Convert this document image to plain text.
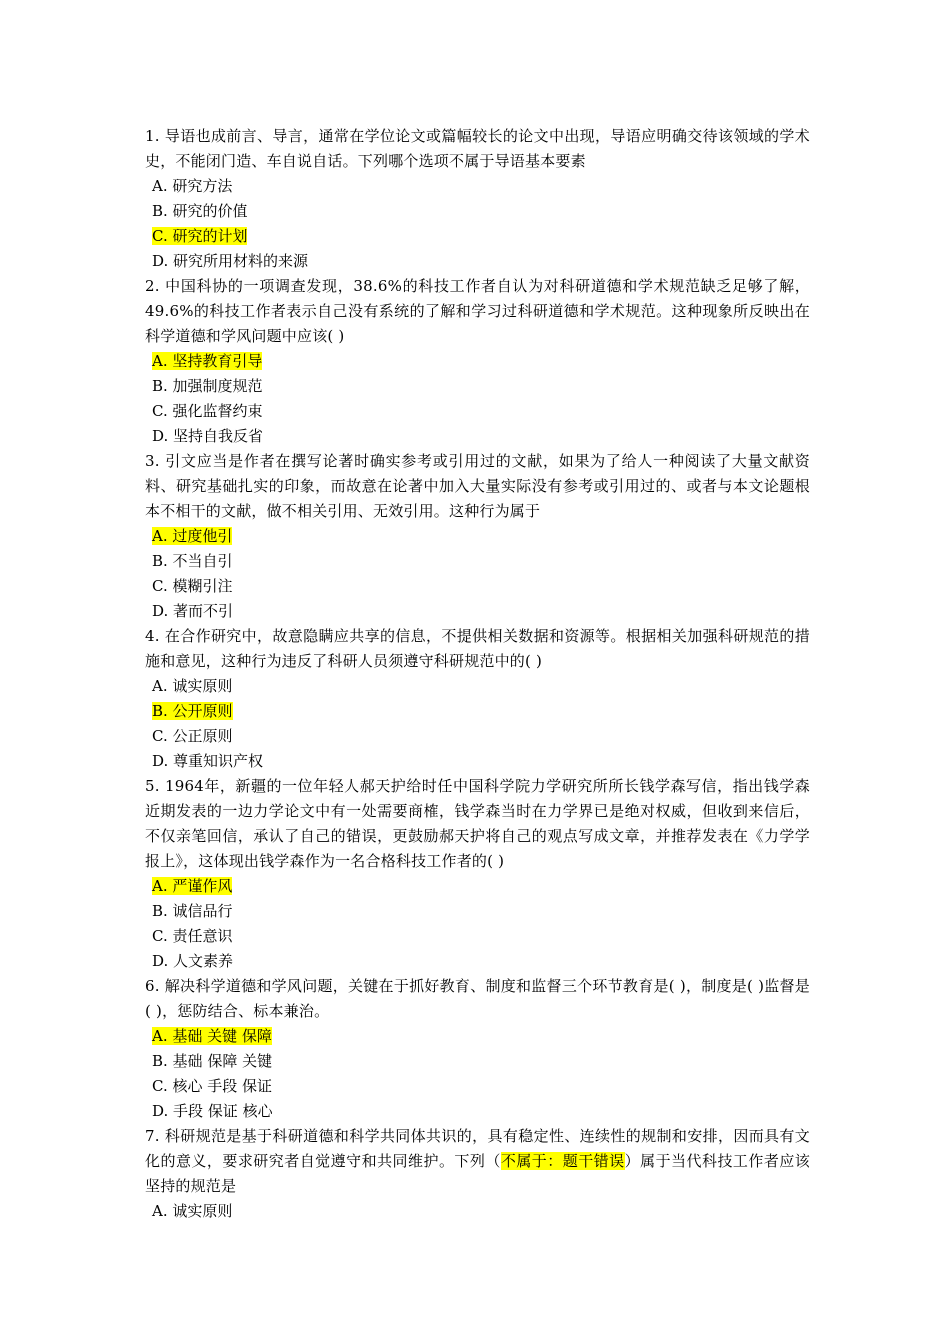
1. 导语也成前言、导言，通常在学位论文或篇幅较长的论文中出现，导语应明确交待该领域的学术史，不能闭门造、车自说自话。下列哪个选项不属于导语基本要素

A. 研究方法

B. 研究的价值

C. 研究的计划

D. 研究所用材料的来源

2. 中国科协的一项调查发现，38.6%的科技工作者自认为对科研道德和学术规范缺乏足够了解，49.6%的科技工作者表示自己没有系统的了解和学习过科研道德和学术规范。这种现象所反映出在科学道德和学风问题中应该( )

A. 坚持教育引导

B. 加强制度规范

C. 强化监督约束

D. 坚持自我反省

3. 引文应当是作者在撰写论著时确实参考或引用过的文献，如果为了给人一种阅读了大量文献资料、研究基础扎实的印象，而故意在论著中加入大量实际没有参考或引用过的、或者与本文论题根本不相干的文献，做不相关引用、无效引用。这种行为属于

A. 过度他引

B. 不当自引

C. 模糊引注

D. 著而不引

4. 在合作研究中，故意隐瞒应共享的信息，不提供相关数据和资源等。根据相关加强科研规范的措施和意见，这种行为违反了科研人员须遵守科研规范中的( )

A. 诚实原则

B. 公开原则

C. 公正原则

D. 尊重知识产权

5. 1964年，新疆的一位年轻人郝天护给时任中国科学院力学研究所所长钱学森写信，指出钱学森近期发表的一边力学论文中有一处需要商榷，钱学森当时在力学界已是绝对权威，但收到来信后，不仅亲笔回信，承认了自己的错误，更鼓励郝天护将自己的观点写成文章，并推荐发表在《力学学报上》，这体现出钱学森作为一名合格科技工作者的( )

A. 严谨作风

B. 诚信品行

C. 责任意识

D. 人文素养

6. 解决科学道德和学风问题，关键在于抓好教育、制度和监督三个环节教育是( )，制度是( )监督是( )，惩防结合、标本兼治。

A. 基础 关键 保障

B. 基础 保障 关键

C. 核心 手段 保证

D. 手段 保证 核心

7. 科研规范是基于科研道德和科学共同体共识的，具有稳定性、连续性的规制和安排，因而具有文化的意义，要求研究者自觉遵守和共同维护。下列（不属于：题干错误）属于当代科技工作者应该坚持的规范是

A. 诚实原则
